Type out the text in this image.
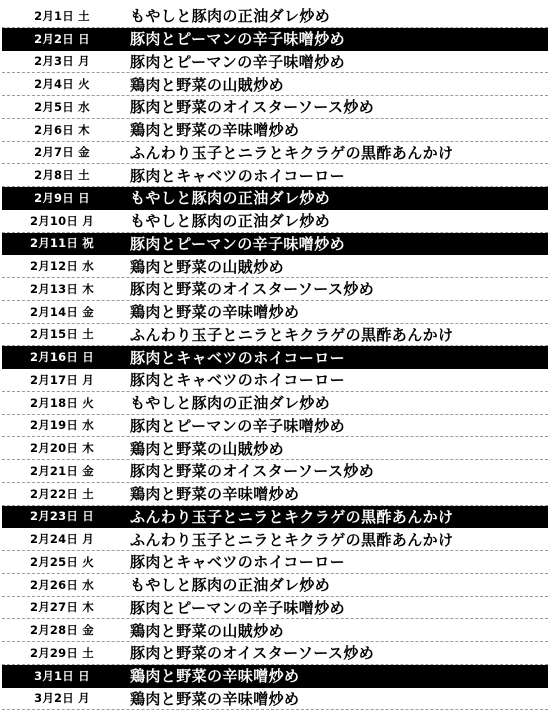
2月1日 土	もやしと豚肉の正油ダレ炒め
2月2日 日	豚肉とピーマンの辛子味噌炒め
2月3日 月	豚肉とピーマンの辛子味噌炒め
2月4日 火	鶏肉と野菜の山賊炒め
2月5日 水	豚肉と野菜のオイスターソース炒め
2月6日 木	鶏肉と野菜の辛味噌炒め
2月7日 金	ふんわり玉子とニラとキクラゲの黒酢あんかけ
2月8日 土	豚肉とキャベツのホイコーロー
2月9日 日	もやしと豚肉の正油ダレ炒め
2月10日 月	もやしと豚肉の正油ダレ炒め
2月11日 祝	豚肉とピーマンの辛子味噌炒め
2月12日 水	鶏肉と野菜の山賊炒め
2月13日 木	豚肉と野菜のオイスターソース炒め
2月14日 金	鶏肉と野菜の辛味噌炒め
2月15日 土	ふんわり玉子とニラとキクラゲの黒酢あんかけ
2月16日 日	豚肉とキャベツのホイコーロー
2月17日 月	豚肉とキャベツのホイコーロー
2月18日 火	もやしと豚肉の正油ダレ炒め
2月19日 水	豚肉とピーマンの辛子味噌炒め
2月20日 木	鶏肉と野菜の山賊炒め
2月21日 金	豚肉と野菜のオイスターソース炒め
2月22日 土	鶏肉と野菜の辛味噌炒め
2月23日 日	ふんわり玉子とニラとキクラゲの黒酢あんかけ
2月24日 月	ふんわり玉子とニラとキクラゲの黒酢あんかけ
2月25日 火	豚肉とキャベツのホイコーロー
2月26日 水	もやしと豚肉の正油ダレ炒め
2月27日 木	豚肉とピーマンの辛子味噌炒め
2月28日 金	鶏肉と野菜の山賊炒め
2月29日 土	豚肉と野菜のオイスターソース炒め
3月1日 日	鶏肉と野菜の辛味噌炒め
3月2日 月	鶏肉と野菜の辛味噌炒め
